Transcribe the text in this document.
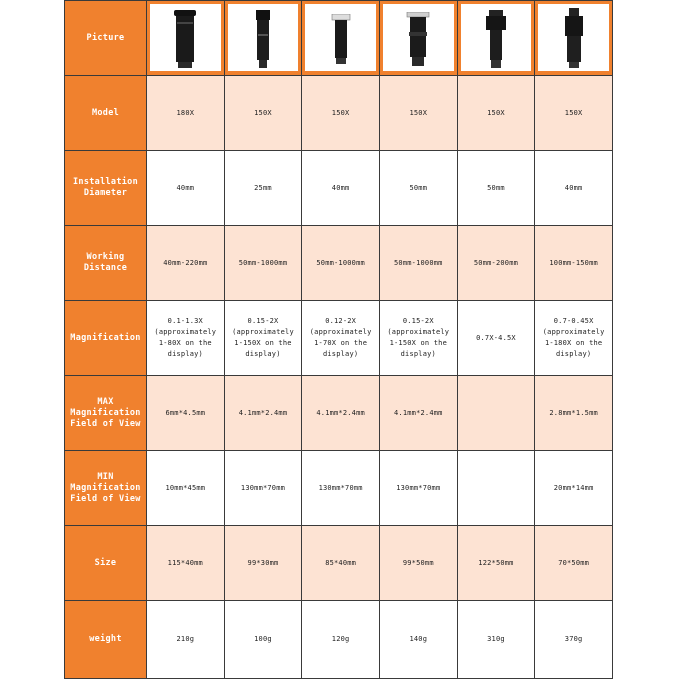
Picture	

Model	180X	150X	150X	150X	150X	150X
Installation Diameter	40mm	25mm	40mm	50mm	50mm	40mm
Working Distance	40mm-220mm	50mm-1000mm	50mm-1000mm	50mm-1000mm	50mm-200mm	100mm-150mm
Magnification	0.1-1.3X (approximately 1-80X on the display)	0.15-2X (approximately 1-150X on the display)	0.12-2X (approximately 1-70X on the display)	0.15-2X (approximately 1-150X on the display)	0.7X-4.5X	0.7-0.45X (approximately 1-180X on the display)
MAX Magnification Field of View	6mm*4.5mm	4.1mm*2.4mm	4.1mm*2.4mm	4.1mm*2.4mm		2.8mm*1.5mm
MIN Magnification Field of View	10mm*45mm	130mm*70mm	130mm*70mm	130mm*70mm		20mm*14mm
Size	115*40mm	99*30mm	85*40mm	99*50mm	122*50mm	70*50mm
weight	210g	100g	120g	140g	310g	370g
